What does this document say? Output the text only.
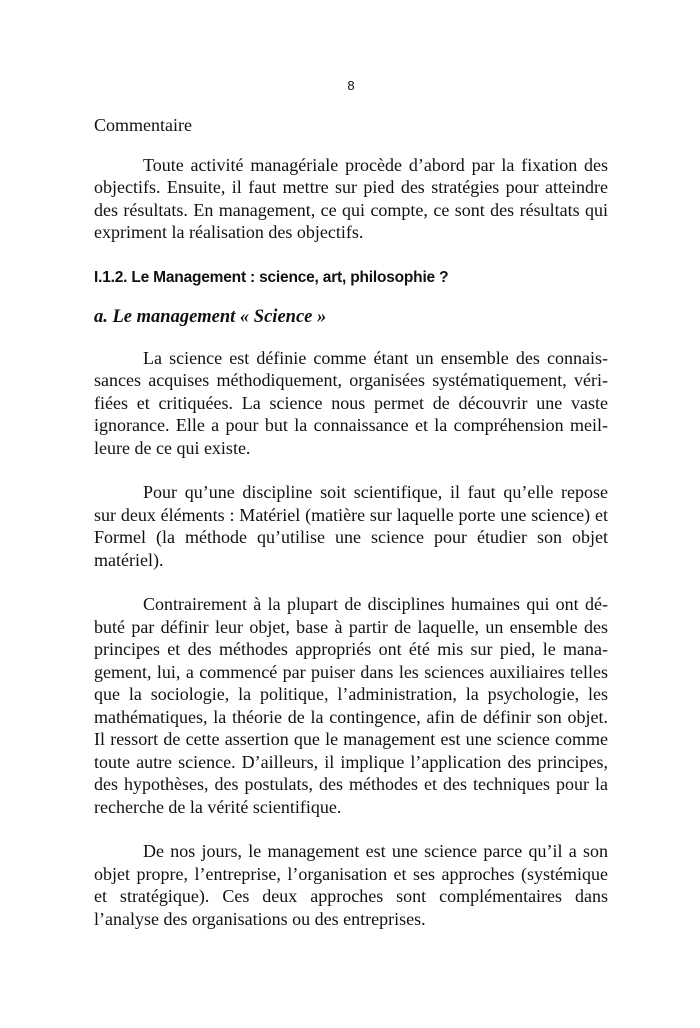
8

Commentaire

Toute activité managériale procède d’abord par la fixation des objectifs. Ensuite, il faut mettre sur pied des stratégies pour atteindre des résultats. En management, ce qui compte, ce sont des résultats qui expriment la réalisation des objectifs.

I.1.2. Le Management : science, art, philosophie ?
a. Le management « Science »

La science est définie comme étant un ensemble des connaissances acquises méthodiquement, organisées systématiquement, vérifiées et critiquées. La science nous permet de découvrir une vaste ignorance. Elle a pour but la connaissance et la compréhension meilleure de ce qui existe.

Pour qu’une discipline soit scientifique, il faut qu’elle repose sur deux éléments : Matériel (matière sur laquelle porte une science) et Formel (la méthode qu’utilise une science pour étudier son objet matériel).

Contrairement à la plupart de disciplines humaines qui ont débuté par définir leur objet, base à partir de laquelle, un ensemble des principes et des méthodes appropriés ont été mis sur pied, le management, lui, a commencé par puiser dans les sciences auxiliaires telles que la sociologie, la politique, l’administration, la psychologie, les mathématiques, la théorie de la contingence, afin de définir son objet. Il ressort de cette assertion que le management est une science comme toute autre science. D’ailleurs, il implique l’application des principes, des hypothèses, des postulats, des méthodes et des techniques pour la recherche de la vérité scientifique.

De nos jours, le management est une science parce qu’il a son objet propre, l’entreprise, l’organisation et ses approches (systémique et stratégique). Ces deux approches sont complémentaires dans l’analyse des organisations ou des entreprises.
